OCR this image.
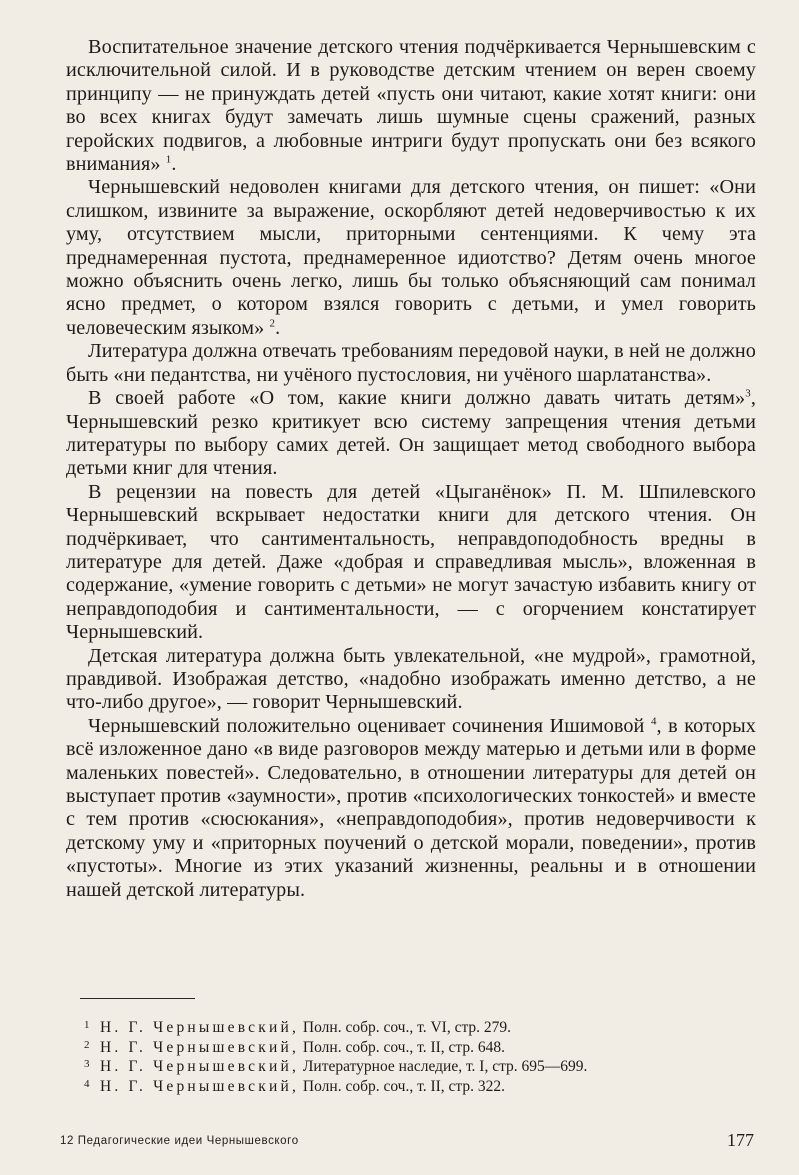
Воспитательное значение детского чтения подчёркивается Чернышевским с исключительной силой. И в руководстве детским чтением он верен своему принципу — не принуждать детей «пусть они читают, какие хотят книги: они во всех книгах будут замечать лишь шумные сцены сражений, разных геройских подвигов, а любовные интриги будут пропускать они без всякого внимания» $^1$.

Чернышевский недоволен книгами для детского чтения, он пишет: «Они слишком, извините за выражение, оскорбляют детей недоверчивостью к их уму, отсутствием мысли, приторными сентенциями. К чему эта преднамеренная пустота, преднамеренное идиотство? Детям очень многое можно объяснить очень легко, лишь бы только объясняющий сам понимал ясно предмет, о котором взялся говорить с детьми, и умел говорить человеческим языком» $^2$.

Литература должна отвечать требованиям передовой науки, в ней не должно быть «ни педантства, ни учёного пустословия, ни учёного шарлатанства».

В своей работе «О том, какие книги должно давать читать детям»$^3$, Чернышевский резко критикует всю систему запрещения чтения детьми литературы по выбору самих детей. Он защищает метод свободного выбора детьми книг для чтения.

В рецензии на повесть для детей «Цыганёнок» П. М. Шпилевского Чернышевский вскрывает недостатки книги для детского чтения. Он подчёркивает, что сантиментальность, неправдоподобность вредны в литературе для детей. Даже «добрая и справедливая мысль», вложенная в содержание, «умение говорить с детьми» не могут зачастую избавить книгу от неправдоподобия и сантиментальности, — с огорчением констатирует Чернышевский.

Детская литература должна быть увлекательной, «не мудрой», грамотной, правдивой. Изображая детство, «надобно изображать именно детство, а не что-либо другое», — говорит Чернышевский.

Чернышевский положительно оценивает сочинения Ишимовой $^4$, в которых всё изложенное дано «в виде разговоров между матерью и детьми или в форме маленьких повестей». Следовательно, в отношении литературы для детей он выступает против «заумности», против «психологических тонкостей» и вместе с тем против «сюсюкания», «неправдоподобия», против недоверчивости к детскому уму и «приторных поучений о детской морали, поведении», против «пустоты». Многие из этих указаний жизненны, реальны и в отношении нашей детской литературы.

1 Н. Г. Чернышевский, Полн. собр. соч., т. VI, стр. 279.

2 Н. Г. Чернышевский, Полн. собр. соч., т. II, стр. 648.

3 Н. Г. Чернышевский, Литературное наследие, т. I, стр. 695—699.

4 Н. Г. Чернышевский, Полн. собр. соч., т. II, стр. 322.

12 Педагогические идеи Чернышевского	177
